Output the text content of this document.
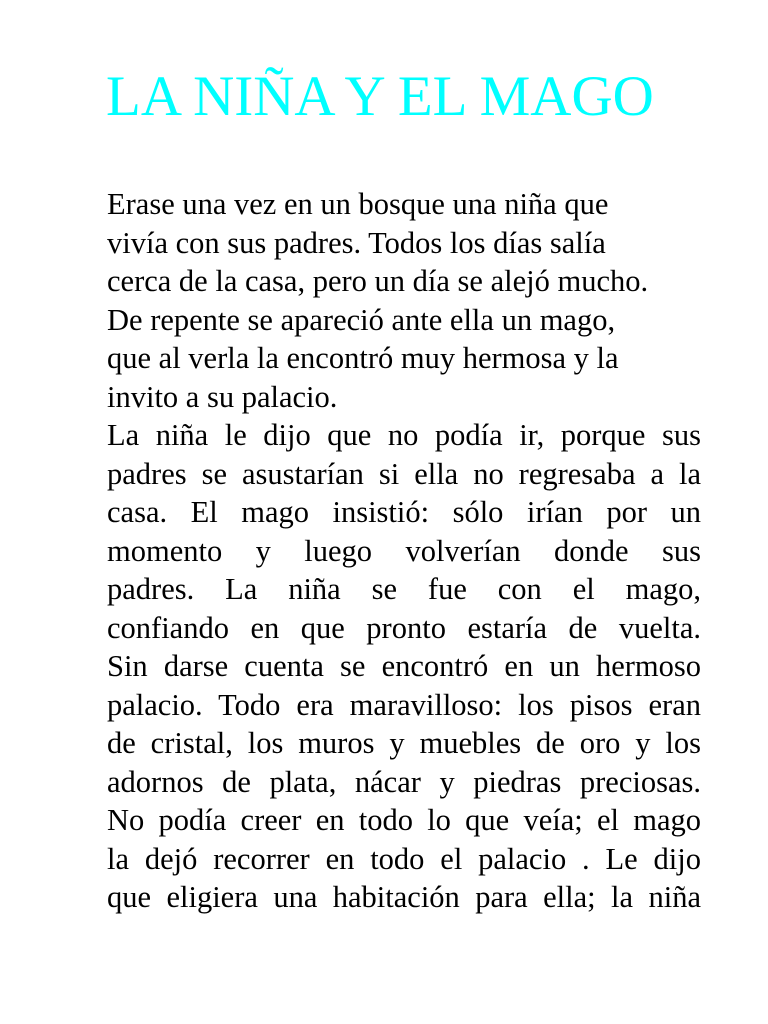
LA NIÑA Y EL MAGO
Erase una vez en un bosque una niña que
vivía con sus padres. Todos los días salía
cerca de la casa, pero un día se alejó mucho.
De repente se apareció ante ella un mago,
que al verla la encontró muy hermosa y la
invito a su palacio.
La niña le dijo que no podía ir, porque sus
padres se asustarían si ella no regresaba a la
casa. El mago insistió: sólo irían por un
momento y luego volverían donde sus
padres. La niña se fue con el mago,
confiando en que pronto estaría de vuelta.
Sin darse cuenta se encontró en un hermoso
palacio. Todo era maravilloso: los pisos eran
de cristal, los muros y muebles de oro y los
adornos de plata, nácar y piedras preciosas.
No podía creer en todo lo que veía; el mago
la dejó recorrer en todo el palacio . Le dijo
que eligiera una habitación para ella; la niña
